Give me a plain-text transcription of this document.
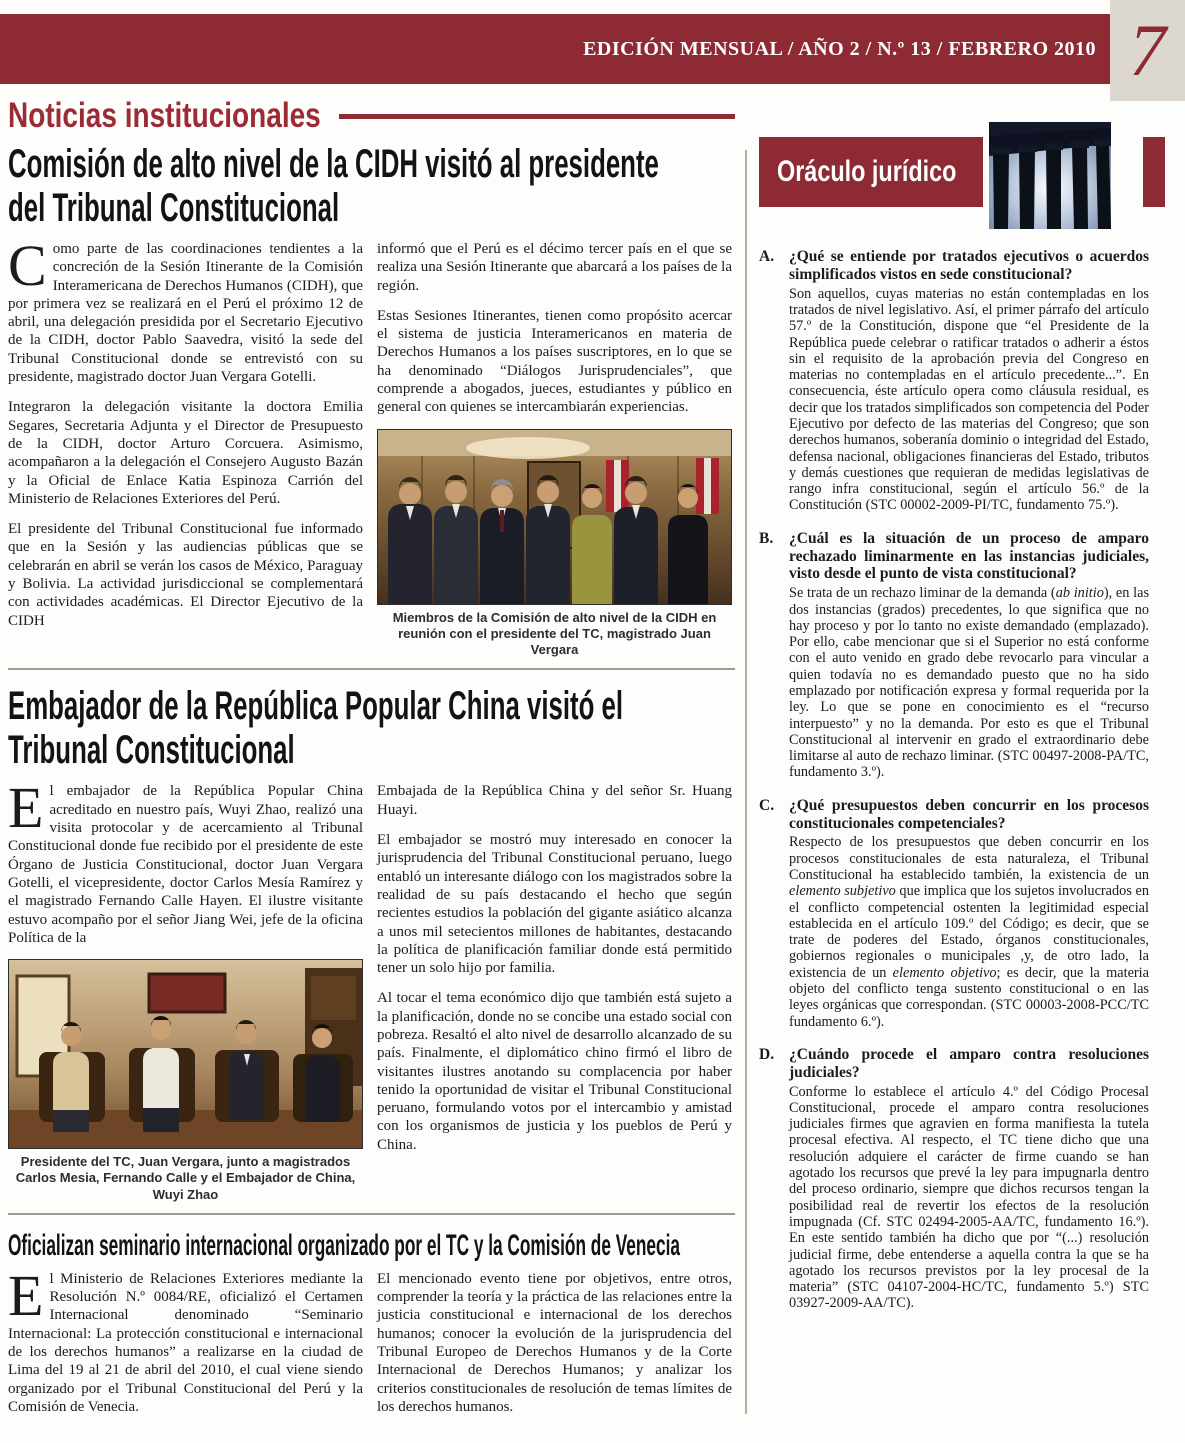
EDICIÓN MENSUAL / AÑO 2 / N.º 13 / FEBRERO 2010 7
Noticias institucionales
Comisión de alto nivel de la CIDH visitó al presidente
del Tribunal Constitucional

Como parte de las coordinaciones tendientes a la concreción de la Sesión Itinerante de la Comisión Interamericana de Derechos Humanos (CIDH), que por primera vez se realizará en el Perú el próximo 12 de abril, una delegación presidida por el Secretario Ejecutivo de la CIDH, doctor Pablo Saavedra, visitó la sede del Tribunal Constitucional donde se entrevistó con su presidente, magistrado doctor Juan Vergara Gotelli.

Integraron la delegación visitante la doctora Emilia Segares, Secretaria Adjunta y el Director de Presupuesto de la CIDH, doctor Arturo Corcuera. Asimismo, acompañaron a la delegación el Consejero Augusto Bazán y la Oficial de Enlace Katia Espinoza Carrión del Ministerio de Relaciones Exteriores del Perú.

El presidente del Tribunal Constitucional fue informado que en la Sesión y las audiencias públicas que se celebrarán en abril se verán los casos de México, Paraguay y Bolivia. La actividad jurisdiccional se complementará con actividades académicas. El Director Ejecutivo de la CIDH

informó que el Perú es el décimo tercer país en el que se realiza una Sesión Itinerante que abarcará a los países de la región.

Estas Sesiones Itinerantes, tienen como propósito acercar el sistema de justicia Interamericanos en materia de Derechos Humanos a los países suscriptores, en lo que se ha denominado “Diálogos Jurisprudenciales”, que comprende a abogados, jueces, estudiantes y público en general con quienes se intercambiarán experiencias.

Miembros de la Comisión de alto nivel de la CIDH en reunión con el presidente del TC, magistrado Juan Vergara
Embajador de la República Popular China visitó el
Tribunal Constitucional

El embajador de la República Popular China acreditado en nuestro país, Wuyi Zhao, realizó una visita protocolar y de acercamiento al Tribunal Constitucional donde fue recibido por el presidente de este Órgano de Justicia Constitucional, doctor Juan Vergara Gotelli, el vicepresidente, doctor Carlos Mesía Ramírez y el magistrado Fernando Calle Hayen. El ilustre visitante estuvo acompaño por el señor Jiang Wei, jefe de la oficina Política de la

Presidente del TC, Juan Vergara, junto a magistrados Carlos Mesia, Fernando Calle y el Embajador de China, Wuyi Zhao

Embajada de la República China y del señor Sr. Huang Huayi.

El embajador se mostró muy interesado en conocer la jurisprudencia del Tribunal Constitucional peruano, luego entabló un interesante diálogo con los magistrados sobre la realidad de su país destacando el hecho que según recientes estudios la población del gigante asiático alcanza a unos mil setecientos millones de habitantes, destacando la política de planificación familiar donde está permitido tener un solo hijo por familia.

Al tocar el tema económico dijo que también está sujeto a la planificación, donde no se concibe una estado social con pobreza. Resaltó el alto nivel de desarrollo alcanzado de su país. Finalmente, el diplomático chino firmó el libro de visitantes ilustres anotando su complacencia por haber tenido la oportunidad de visitar el Tribunal Constitucional peruano, formulando votos por el intercambio y amistad con los organismos de justicia y los pueblos de Perú y China.

Oficializan seminario internacional organizado por el TC y la Comisión de Venecia

El Ministerio de Relaciones Exteriores mediante la Resolución N.º 0084/RE, oficializó el Certamen Internacional denominado “Seminario Internacional: La protección constitucional e internacional de los derechos humanos” a realizarse en la ciudad de Lima del 19 al 21 de abril del 2010, el cual viene siendo organizado por el Tribunal Constitucional del Perú y la Comisión de Venecia.

El mencionado evento tiene por objetivos, entre otros, comprender la teoría y la práctica de las relaciones entre la justicia constitucional e internacional de los derechos humanos; conocer la evolución de la jurisprudencia del Tribunal Europeo de Derechos Humanos y de la Corte Internacional de Derechos Humanos; y analizar los criterios constitucionales de resolución de temas límites de los derechos humanos.

Oráculo jurídico
A. ¿Qué se entiende por tratados ejecutivos o acuerdos simplificados vistos en sede constitucional?
Son aquellos, cuyas materias no están contempladas en los tratados de nivel legislativo. Así, el primer párrafo del artículo 57.º de la Constitución, dispone que “el Presidente de la República puede celebrar o ratificar tratados o adherir a éstos sin el requisito de la aprobación previa del Congreso en materias no contempladas en el artículo precedente...”. En consecuencia, éste artículo opera como cláusula residual, es decir que los tratados simplificados son competencia del Poder Ejecutivo por defecto de las materias del Congreso; que son derechos humanos, soberanía dominio o integridad del Estado, defensa nacional, obligaciones financieras del Estado, tributos y demás cuestiones que requieran de medidas legislativas de rango infra constitucional, según el artículo 56.º de la Constitución (STC 00002-2009-PI/TC, fundamento 75.º).
B.	¿Cuál es la situación de un proceso de amparo rechazado liminarmente en las instancias judiciales, visto desde el punto de vista constitucional?
Se trata de un rechazo liminar de la demanda (ab initio), en las dos instancias (grados) precedentes, lo que significa que no hay proceso y por lo tanto no existe demandado (emplazado). Por ello, cabe mencionar que si el Superior no está conforme con el auto venido en grado debe revocarlo para vincular a quien todavía no es demandado puesto que no ha sido emplazado por notificación expresa y formal requerida por la ley. Lo que se pone en conocimiento es el “recurso interpuesto” y no la demanda. Por esto es que el Tribunal Constitucional al intervenir en grado el extraordinario debe limitarse al auto de rechazo liminar. (STC 00497-2008-PA/TC, fundamento 3.º).
C. ¿Qué presupuestos deben concurrir en los procesos constitucionales competenciales?
Respecto de los presupuestos que deben concurrir en los procesos constitucionales de esta naturaleza, el Tribunal Constitucional ha establecido también, la existencia de un elemento subjetivo que implica que los sujetos involucrados en el conflicto competencial ostenten la legitimidad especial establecida en el artículo 109.º del Código; es decir, que se trate de poderes del Estado, órganos constitucionales, gobiernos regionales o municipales ,y, de otro lado, la existencia de un elemento objetivo; es decir, que la materia objeto del conflicto tenga sustento constitucional o en las leyes orgánicas que correspondan. (STC 00003-2008-PCC/TC fundamento 6.º).
D. ¿Cuándo procede el amparo contra resoluciones judiciales?
Conforme lo establece el artículo 4.º del Código Procesal Constitucional, procede el amparo contra resoluciones judiciales firmes que agravien en forma manifiesta la tutela procesal efectiva. Al respecto, el TC tiene dicho que una resolución adquiere el carácter de firme cuando se han agotado los recursos que prevé la ley para impugnarla dentro del proceso ordinario, siempre que dichos recursos tengan la posibilidad real de revertir los efectos de la resolución impugnada (Cf. STC 02494-2005-AA/TC, fundamento 16.º). En este sentido también ha dicho que por “(...) resolución judicial firme, debe entenderse a aquella contra la que se ha agotado los recursos previstos por la ley procesal de la materia” (STC 04107-2004-HC/TC, fundamento 5.º) STC 03927-2009-AA/TC).
